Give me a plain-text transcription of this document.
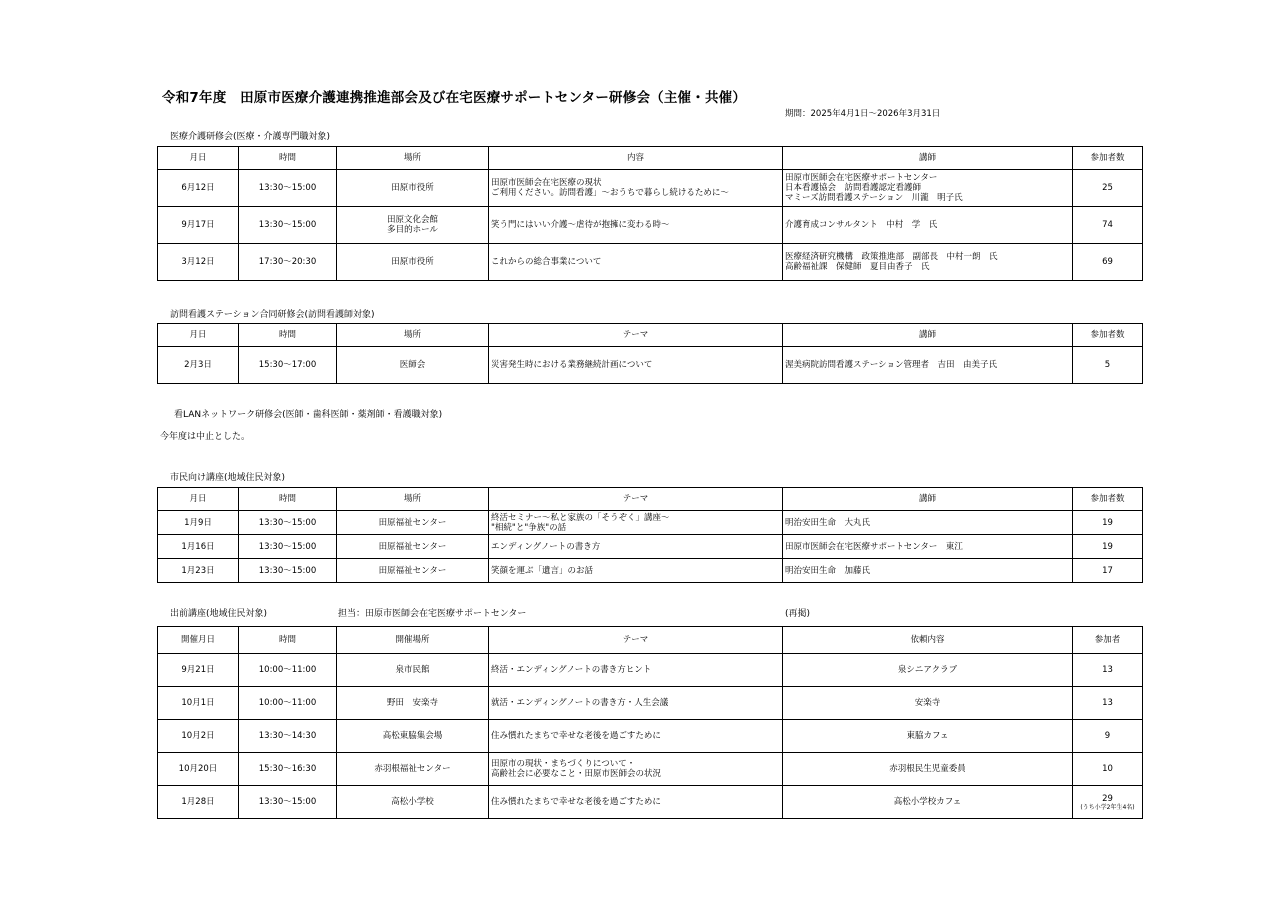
令和7年度　田原市医療介護連携推進部会及び在宅医療サポートセンター研修会（主催・共催）
期間：2025年4月1日～2026年3月31日
医療介護研修会(医療・介護専門職対象)
月日	時間	場所	内容	講師	参加者数
6月12日	13:30～15:00	田原市役所	田原市医師会在宅医療の現状
ご利用ください。訪問看護」～おうちで暮らし続けるために～	田原市医師会在宅医療サポートセンター
日本看護協会　訪問看護認定看護師
マミーズ訪問看護ステーション　川瀧　明子氏	25
9月17日	13:30～15:00	田原文化会館
多目的ホール	笑う門にはいい介護～虐待が抱擁に変わる時～	介護育成コンサルタント　中村　学　氏	74
3月12日	17:30～20:30	田原市役所	これからの総合事業について	医療経済研究機構　政策推進部　副部長　中村一朗　氏
高齢福祉課　保健師　夏目由香子　氏	69
訪問看護ステーション合同研修会(訪問看護師対象)
月日	時間	場所	テーマ	講師	参加者数
2月3日	15:30～17:00	医師会	災害発生時における業務継続計画について	渥美病院訪問看護ステーション管理者　吉田　由美子氏	5
看LANネットワーク研修会(医師・歯科医師・薬剤師・看護職対象)
今年度は中止とした。
市民向け講座(地域住民対象)
月日	時間	場所	テーマ	講師	参加者数
1月9日	13:30～15:00	田原福祉センター	終活セミナー～私と家族の「そうぞく」講座～
"相続"と"争族"の話	明治安田生命　大丸氏	19
1月16日	13:30～15:00	田原福祉センター	エンディングノートの書き方	田原市医師会在宅医療サポートセンター　東江	19
1月23日	13:30～15:00	田原福祉センター	笑顔を運ぶ「遺言」のお話	明治安田生命　加藤氏	17
出前講座(地域住民対象)	担当：田原市医師会在宅医療サポートセンター	(再掲)
開催月日	時間	開催場所	テーマ	依頼内容	参加者
9月21日	10:00～11:00	泉市民館	終活・エンディングノートの書き方ヒント	泉シニアクラブ	13
10月1日	10:00～11:00	野田　安楽寺	就活・エンディングノートの書き方・人生会議	安楽寺	13
10月2日	13:30～14:30	高松東脇集会場	住み慣れたまちで幸せな老後を過ごすために	東脇カフェ	9
10月20日	15:30～16:30	赤羽根福祉センター	田原市の現状・まちづくりについて・
高齢社会に必要なこと・田原市医師会の状況	赤羽根民生児童委員	10
1月28日	13:30～15:00	高松小学校	住み慣れたまちで幸せな老後を過ごすために	高松小学校カフェ	29
(うち小学2年生4名)
